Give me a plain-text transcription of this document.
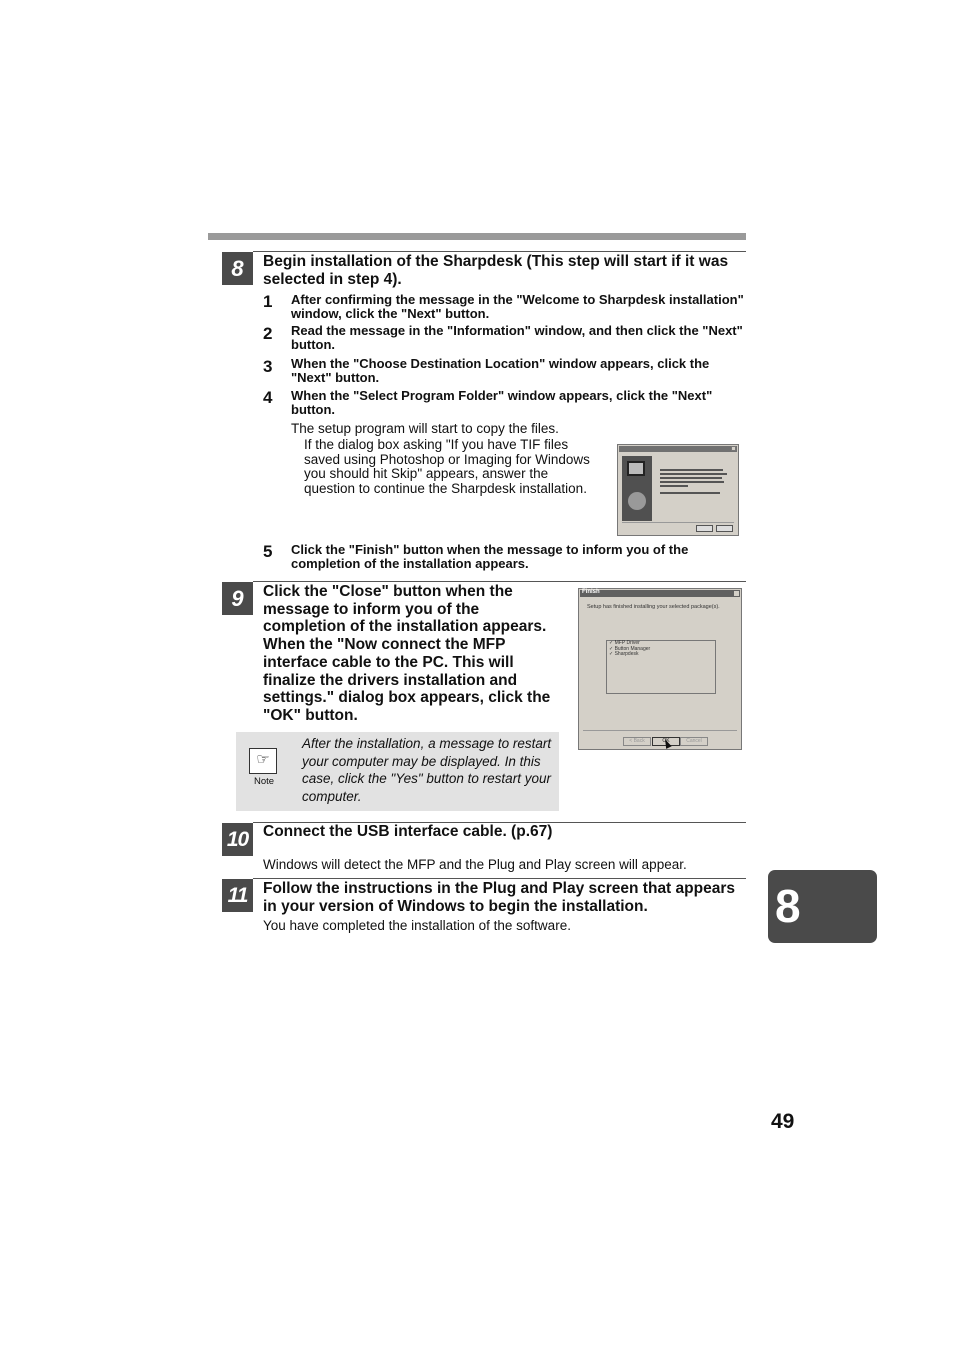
8	Begin installation of the Sharpdesk (This step will start if it was selected in step 4).
1 After confirming the message in the "Welcome to Sharpdesk installation" window, click the "Next" button.
2 Read the message in the "Information" window, and then click the "Next" button.
3 When the "Choose Destination Location" window appears, click the "Next" button.
4 When the "Select Program Folder" window appears, click the "Next" button.
The setup program will start to copy the files.
If the dialog box asking "If you have TIF files saved using Photoshop or Imaging for Windows you should hit Skip" appears, answer the question to continue the Sharpdesk installation.
5 Click the "Finish" button when the message to inform you of the completion of the installation appears.
9	Click the "Close" button when the message to inform you of the completion of the installation appears. When the "Now connect the MFP interface cable to the PC. This will finalize the drivers installation and settings." dialog box appears, click the "OK" button.
Finish
Setup has finished installing your selected package(s).
✓ MFP Driver
✓ Button Manager
✓ Sharpdesk
< Back	OK	Cancel
☞
Note
After the installation, a message to restart your computer may be displayed. In this case, click the "Yes" button to restart your computer.
10 Connect the USB interface cable. (p.67)
Windows will detect the MFP and the Plug and Play screen will appear.
11	Follow the instructions in the Plug and Play screen that appears in your version of Windows to begin the installation.
You have completed the installation of the software.	8
49
